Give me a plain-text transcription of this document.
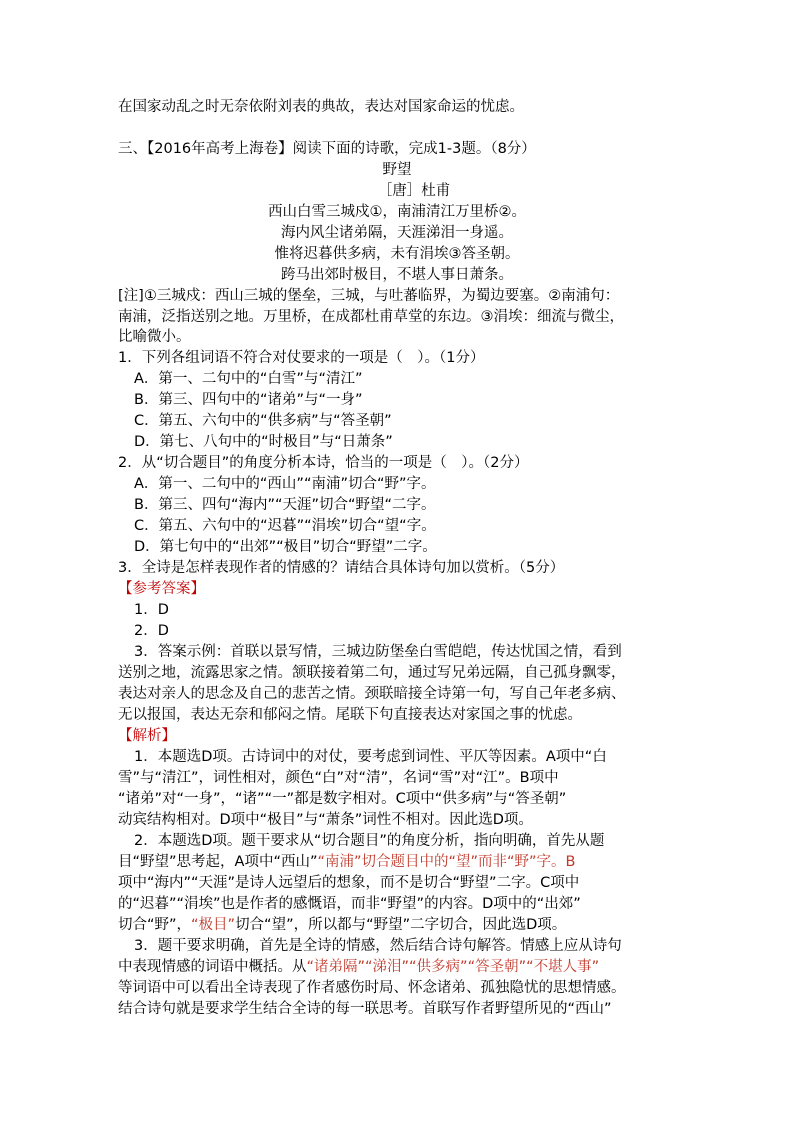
在国家动乱之时无奈依附刘表的典故，表达对国家命运的忧虑。
三、【2016年高考上海卷】阅读下面的诗歌，完成1-3题。（8分）
野望
［唐］杜甫
西山白雪三城戍①，南浦清江万里桥②。
海内风尘诸弟隔，天涯涕泪一身遥。
惟将迟暮供多病，未有涓埃③答圣朝。
跨马出郊时极目，不堪人事日萧条。
[注]①三城戍：西山三城的堡垒，三城，与吐蕃临界，为蜀边要塞。②南浦句：
南浦，泛指送别之地。万里桥，在成都杜甫草堂的东边。③涓埃：细流与微尘，
比喻微小。
1．下列各组词语不符合对仗要求的一项是（　）。（1分）
A．第一、二句中的“白雪”与“清江”
B．第三、四句中的“诸弟”与“一身”
C．第五、六句中的“供多病”与“答圣朝”
D．第七、八句中的“时极目”与“日萧条”
2．从“切合题目”的角度分析本诗，恰当的一项是（　）。（2分）
A．第一、二句中的“西山”“南浦”切合“野”字。
B．第三、四句“海内”“天涯”切合“野望“二字。
C．第五、六句中的“迟暮”“涓埃”切合“望“字。
D．第七句中的“出郊”“极目”切合“野望”二字。
3．全诗是怎样表现作者的情感的？请结合具体诗句加以赏析。（5分）
【参考答案】
1．D
2．D
3．答案示例：首联以景写情，三城边防堡垒白雪皑皑，传达忧国之情，看到
送别之地，流露思家之情。颔联接着第二句，通过写兄弟远隔，自己孤身飘零，
表达对亲人的思念及自己的悲苦之情。颈联暗接全诗第一句，写自己年老多病、
无以报国，表达无奈和郁闷之情。尾联下句直接表达对家国之事的忧虑。
【解析】
1．本题选D项。古诗词中的对仗，要考虑到词性、平仄等因素。A项中“白
雪”与“清江”，词性相对，颜色“白”对“清”，名词“雪”对“江”。B项中
“诸弟”对“一身”，“诸”“一”都是数字相对。C项中“供多病”与“答圣朝”
动宾结构相对。D项中“极目”与“萧条”词性不相对。因此选D项。
2．本题选D项。题干要求从“切合题目”的角度分析，指向明确，首先从题
目“野望”思考起，A项中“西山”“南浦”切合题目中的“望”而非“野”字。B
项中“海内”“天涯”是诗人远望后的想象，而不是切合“野望”二字。C项中
的“迟暮”“涓埃”也是作者的感慨语，而非“野望”的内容。D项中的“出郊”
切合“野”，“极目”切合“望”，所以都与“野望”二字切合，因此选D项。
3．题干要求明确，首先是全诗的情感，然后结合诗句解答。情感上应从诗句
中表现情感的词语中概括。从“诸弟隔”“涕泪”“供多病”“答圣朝”“不堪人事”
等词语中可以看出全诗表现了作者感伤时局、怀念诸弟、孤独隐忧的思想情感。
结合诗句就是要求学生结合全诗的每一联思考。首联写作者野望所见的“西山”
